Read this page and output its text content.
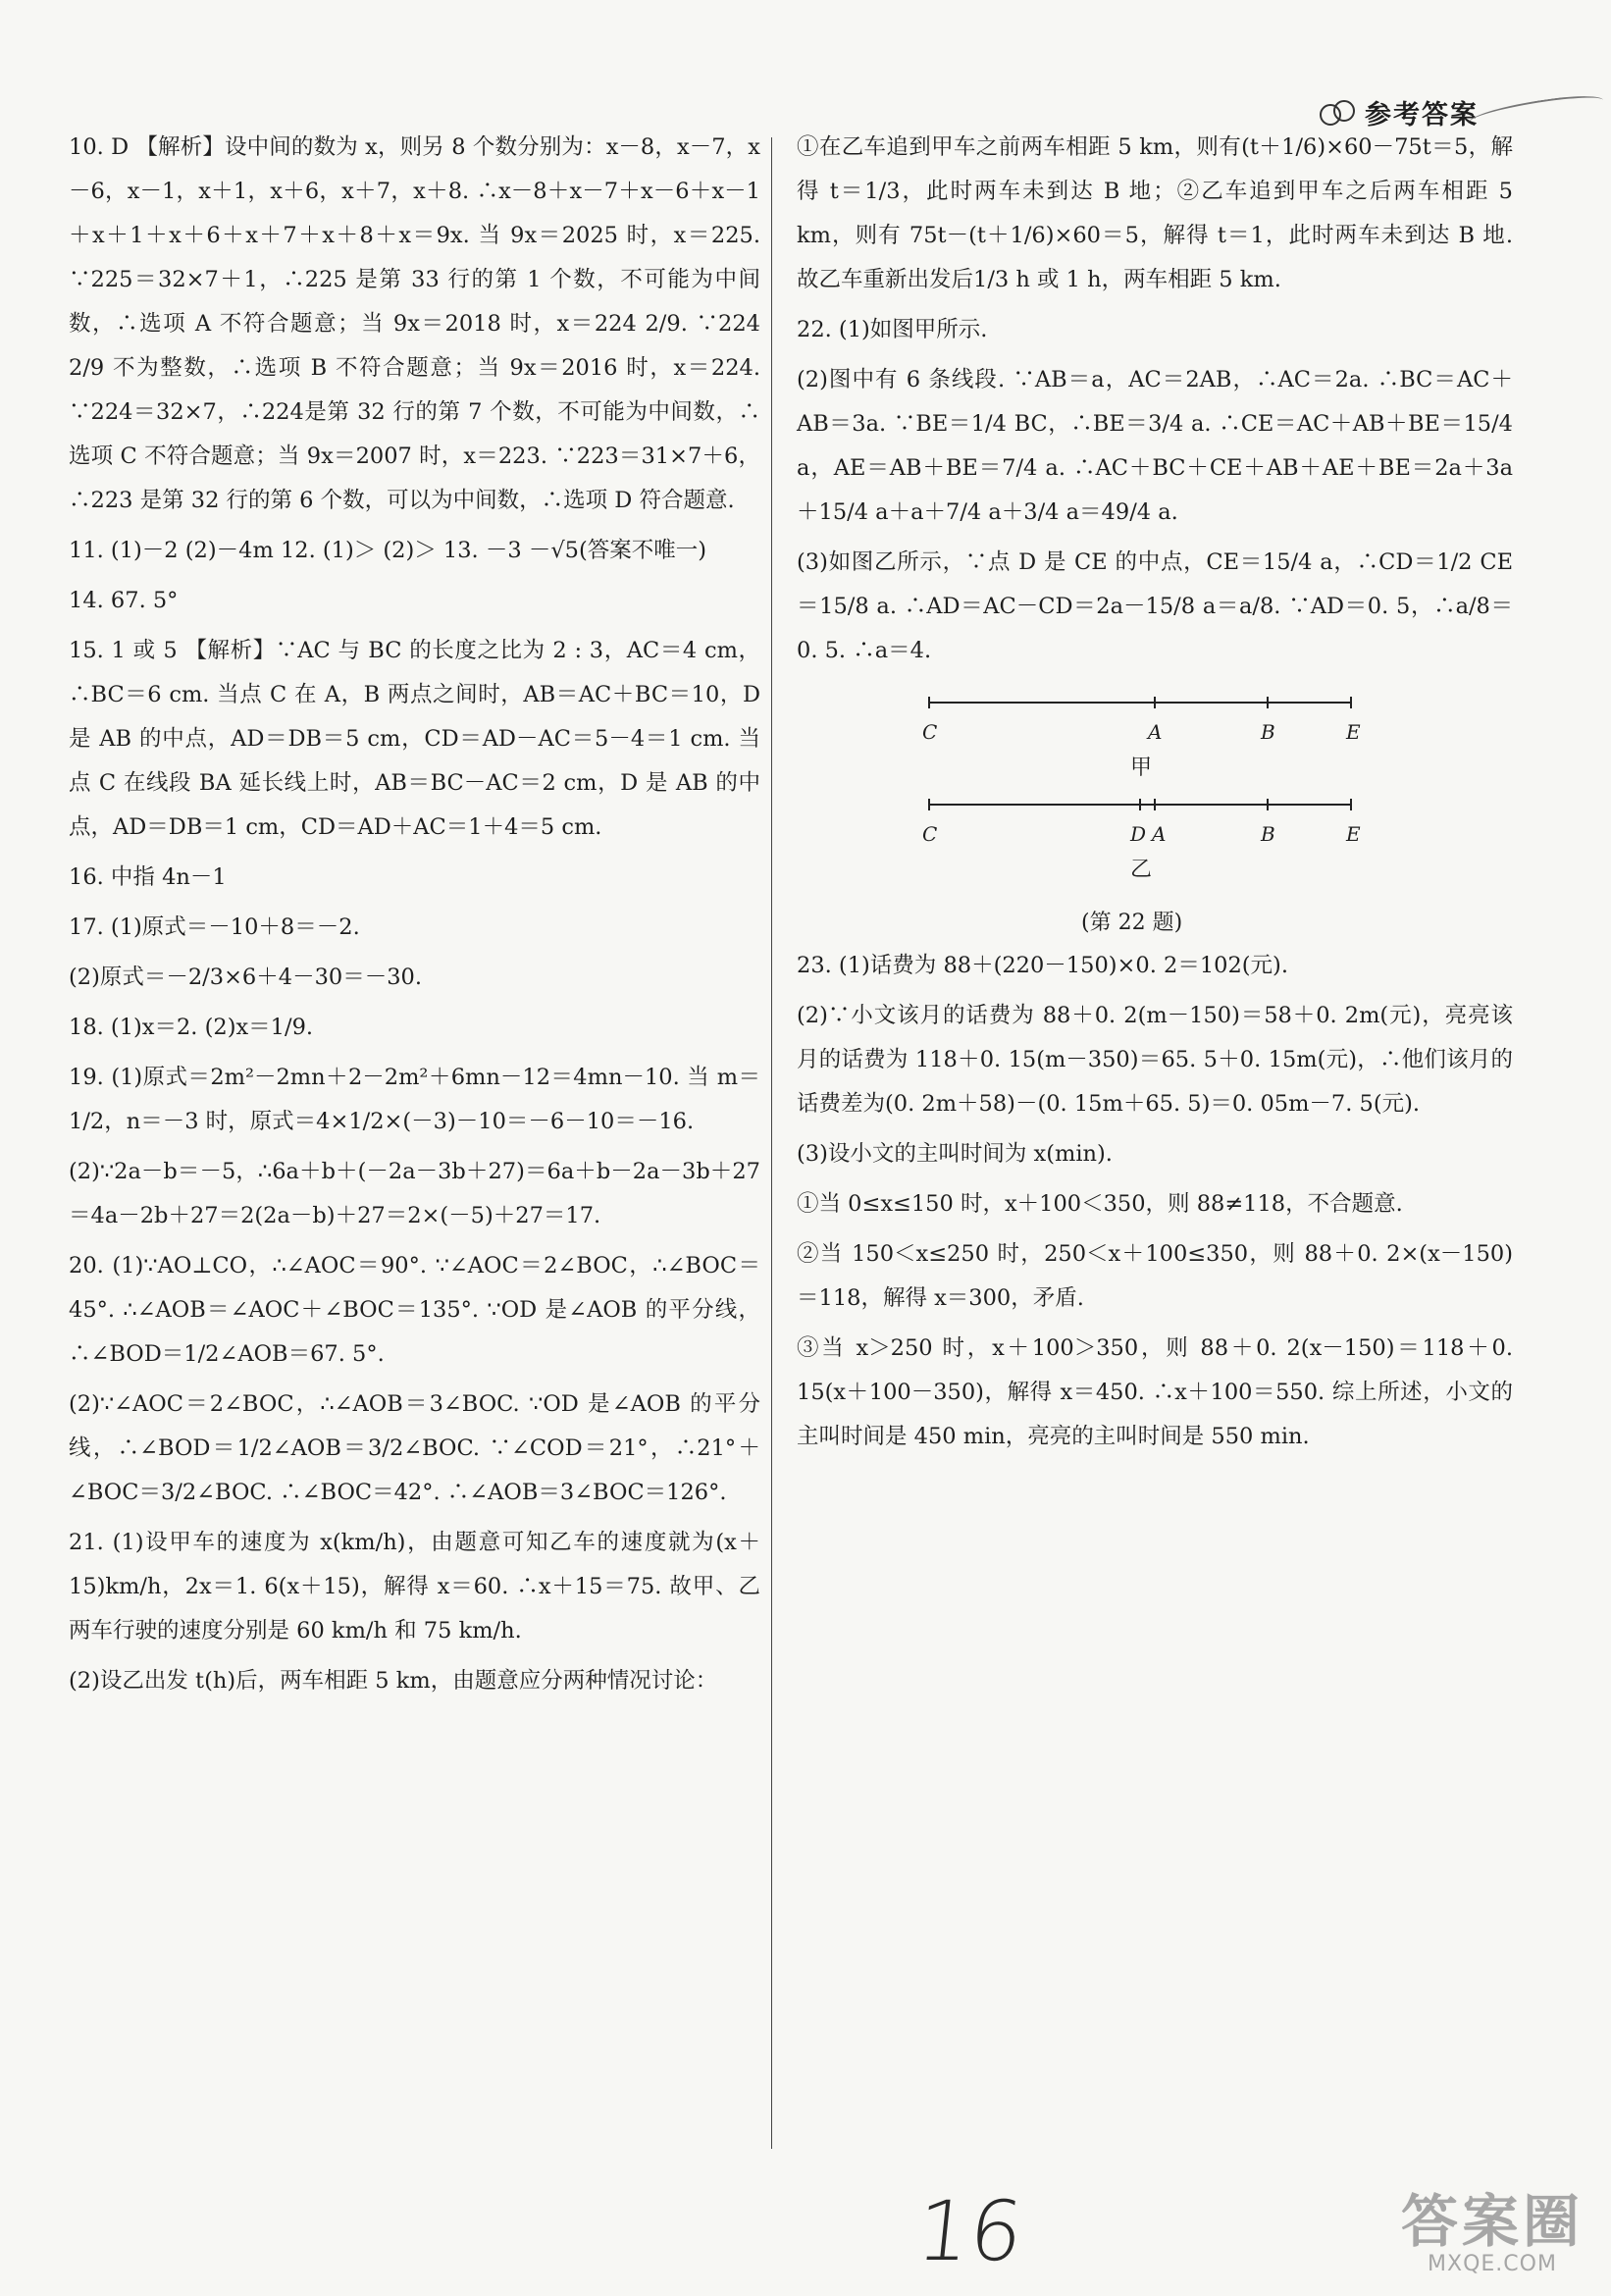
参考答案

10. D 【解析】设中间的数为 x，则另 8 个数分别为：x－8，x－7，x－6，x－1，x＋1，x＋6，x＋7，x＋8. ∴x－8＋x－7＋x－6＋x－1＋x＋1＋x＋6＋x＋7＋x＋8＋x＝9x. 当 9x＝2025 时，x＝225. ∵225＝32×7＋1，∴225 是第 33 行的第 1 个数，不可能为中间数，∴选项 A 不符合题意；当 9x＝2018 时，x＝224 2/9. ∵224 2/9 不为整数，∴选项 B 不符合题意；当 9x＝2016 时，x＝224. ∵224＝32×7，∴224是第 32 行的第 7 个数，不可能为中间数，∴选项 C 不符合题意；当 9x＝2007 时，x＝223. ∵223＝31×7＋6，∴223 是第 32 行的第 6 个数，可以为中间数，∴选项 D 符合题意.

11. (1)－2 (2)－4m 12. (1)＞ (2)＞ 13. －3 －√5(答案不唯一)

14. 67. 5°

15. 1 或 5 【解析】∵AC 与 BC 的长度之比为 2 : 3，AC＝4 cm，∴BC＝6 cm. 当点 C 在 A，B 两点之间时，AB＝AC＋BC＝10，D 是 AB 的中点，AD＝DB＝5 cm，CD＝AD－AC＝5－4＝1 cm. 当点 C 在线段 BA 延长线上时，AB＝BC－AC＝2 cm，D 是 AB 的中点，AD＝DB＝1 cm，CD＝AD＋AC＝1＋4＝5 cm.

16. 中指 4n－1

17. (1)原式＝－10＋8＝－2.

(2)原式＝－2/3×6＋4－30＝－30.

18. (1)x＝2. (2)x＝1/9.

19. (1)原式＝2m²－2mn＋2－2m²＋6mn－12＝4mn－10. 当 m＝1/2，n＝－3 时，原式＝4×1/2×(－3)－10＝－6－10＝－16.

(2)∵2a－b＝－5，∴6a＋b＋(－2a－3b＋27)＝6a＋b－2a－3b＋27＝4a－2b＋27＝2(2a－b)＋27＝2×(－5)＋27＝17.

20. (1)∵AO⊥CO，∴∠AOC＝90°. ∵∠AOC＝2∠BOC，∴∠BOC＝45°. ∴∠AOB＝∠AOC＋∠BOC＝135°. ∵OD 是∠AOB 的平分线，∴∠BOD＝1/2∠AOB＝67. 5°.

(2)∵∠AOC＝2∠BOC，∴∠AOB＝3∠BOC. ∵OD 是∠AOB 的平分线，∴∠BOD＝1/2∠AOB＝3/2∠BOC. ∵∠COD＝21°，∴21°＋∠BOC＝3/2∠BOC. ∴∠BOC＝42°. ∴∠AOB＝3∠BOC＝126°.

21. (1)设甲车的速度为 x(km/h)，由题意可知乙车的速度就为(x＋15)km/h，2x＝1. 6(x＋15)，解得 x＝60. ∴x＋15＝75. 故甲、乙两车行驶的速度分别是 60 km/h 和 75 km/h.

(2)设乙出发 t(h)后，两车相距 5 km，由题意应分两种情况讨论：

①在乙车追到甲车之前两车相距 5 km，则有(t＋1/6)×60－75t＝5，解得 t＝1/3，此时两车未到达 B 地；②乙车追到甲车之后两车相距 5 km，则有 75t－(t＋1/6)×60＝5，解得 t＝1，此时两车未到达 B 地. 故乙车重新出发后1/3 h 或 1 h，两车相距 5 km.

22. (1)如图甲所示.

(2)图中有 6 条线段. ∵AB＝a，AC＝2AB，∴AC＝2a. ∴BC＝AC＋AB＝3a. ∵BE＝1/4 BC，∴BE＝3/4 a. ∴CE＝AC＋AB＋BE＝15/4 a，AE＝AB＋BE＝7/4 a. ∴AC＋BC＋CE＋AB＋AE＋BE＝2a＋3a＋15/4 a＋a＋7/4 a＋3/4 a＝49/4 a.

(3)如图乙所示，∵点 D 是 CE 的中点，CE＝15/4 a，∴CD＝1/2 CE＝15/8 a. ∴AD＝AC－CD＝2a－15/8 a＝a/8. ∵AD＝0. 5，∴a/8＝0. 5. ∴a＝4.

C	A	B	E
甲
C	D A	B	E
乙
(第 22 题)

23. (1)话费为 88＋(220－150)×0. 2＝102(元).

(2)∵小文该月的话费为 88＋0. 2(m－150)＝58＋0. 2m(元)，亮亮该月的话费为 118＋0. 15(m－350)＝65. 5＋0. 15m(元)，∴他们该月的话费差为(0. 2m＋58)－(0. 15m＋65. 5)＝0. 05m－7. 5(元).

(3)设小文的主叫时间为 x(min).

①当 0≤x≤150 时，x＋100＜350，则 88≠118，不合题意.

②当 150＜x≤250 时，250＜x＋100≤350，则 88＋0. 2×(x－150)＝118，解得 x＝300，矛盾.

③当 x＞250 时，x＋100＞350，则 88＋0. 2(x－150)＝118＋0. 15(x＋100－350)，解得 x＝450. ∴x＋100＝550. 综上所述，小文的主叫时间是 450 min，亮亮的主叫时间是 550 min.

16	答案圈
MXQE.COM
